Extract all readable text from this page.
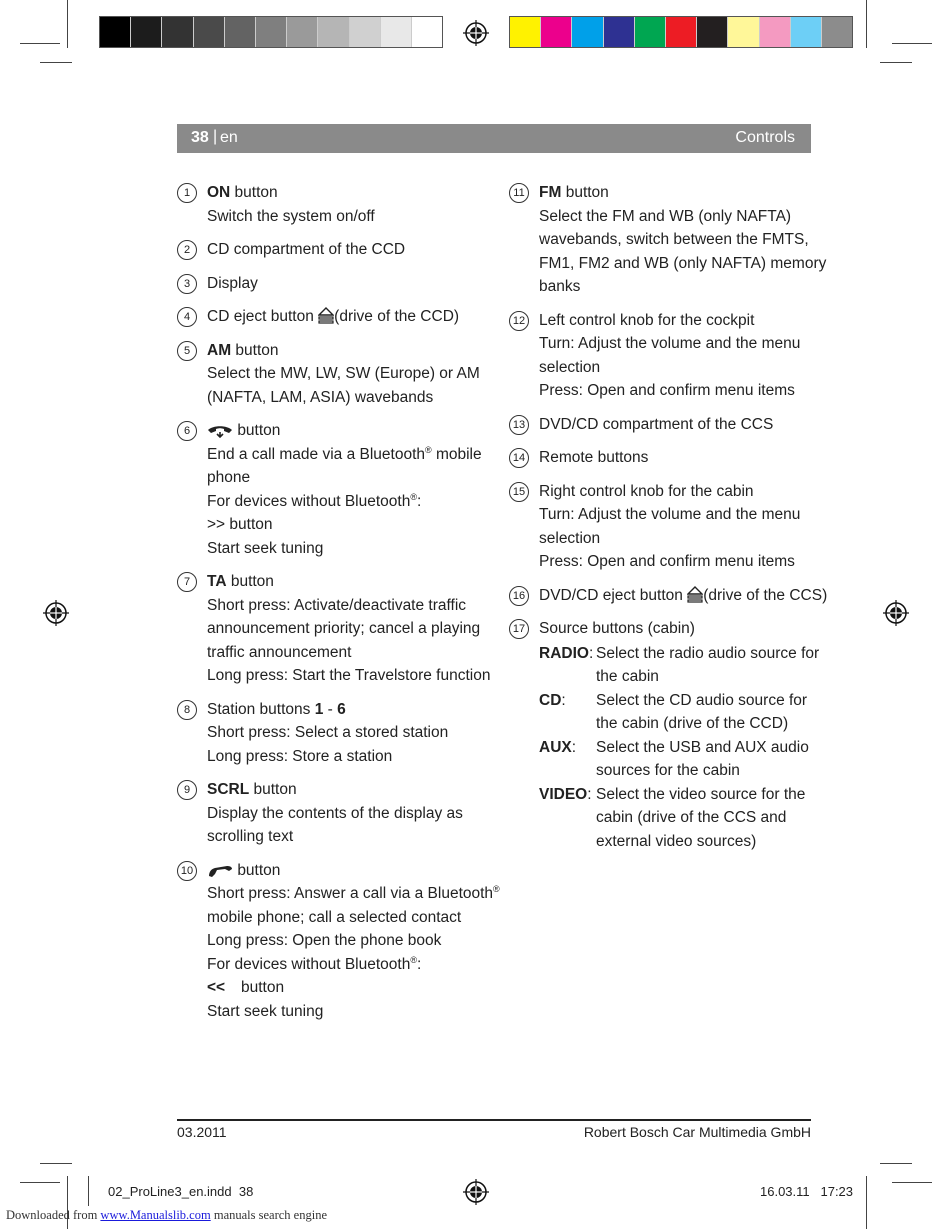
38 | en	Controls
1	ON button
Switch the system on/off
2	CD compartment of the CCD
3	Display
4	CD eject button (drive of the CCD)
5	AM button
Select the MW, LW, SW (Europe) or AM
(NAFTA, LAM, ASIA) wavebands
6	button
End a call made via a Bluetooth® mobile
phone
For devices without Bluetooth®:
>> button
Start seek tuning
7	TA button
Short press: Activate/deactivate traffic
announcement priority; cancel a playing
traffic announcement
Long press: Start the Travelstore function
8	Station buttons 1 - 6
Short press: Select a stored station
Long press: Store a station
9	SCRL button
Display the contents of the display as
scrolling text
10	button
Short press: Answer a call via a Bluetooth®
mobile phone; call a selected contact
Long press: Open the phone book
For devices without Bluetooth®:
<< button
Start seek tuning
11 FM button
Select the FM and WB (only NAFTA)
wavebands, switch between the FMTS,
FM1, FM2 and WB (only NAFTA) memory
banks
12 Left control knob for the cockpit
Turn: Adjust the volume and the menu
selection
Press: Open and confirm menu items
13 DVD/CD compartment of the CCS
14 Remote buttons
15 Right control knob for the cabin
Turn: Adjust the volume and the menu
selection
Press: Open and confirm menu items
16 DVD/CD eject button (drive of the CCS)
17 Source buttons (cabin)
RADIO: Select the radio audio source for
the cabin
CD:	Select the CD audio source for
the cabin (drive of the CCD)
AUX:	Select the USB and AUX audio
sources for the cabin
VIDEO: Select the video source for the
cabin (drive of the CCS and
external video sources)
03.2011	Robert Bosch Car Multimedia GmbH
02_ProLine3_en.indd 38	16.03.11 17:23
Downloaded from www.Manualslib.com manuals search engine
